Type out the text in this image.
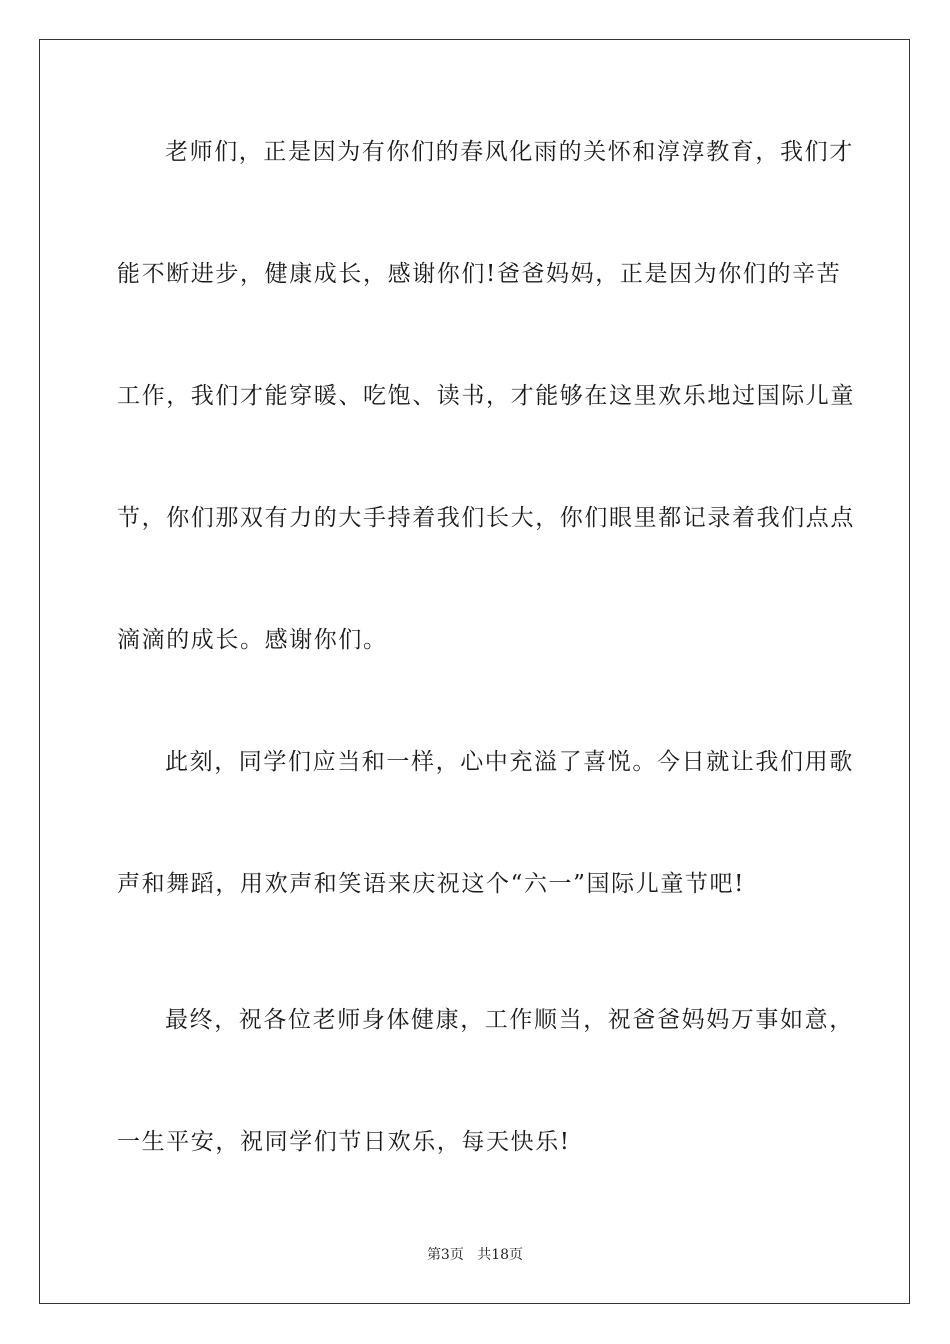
老师们，正是因为有你们的春风化雨的关怀和淳淳教育，我们才
能不断进步，健康成长，感谢你们!爸爸妈妈，正是因为你们的辛苦
工作，我们才能穿暖、吃饱、读书，才能够在这里欢乐地过国际儿童
节，你们那双有力的大手持着我们长大，你们眼里都记录着我们点点
滴滴的成长。感谢你们。
此刻，同学们应当和一样，心中充溢了喜悦。今日就让我们用歌
声和舞蹈，用欢声和笑语来庆祝这个“六一”国际儿童节吧!
最终，祝各位老师身体健康，工作顺当，祝爸爸妈妈万事如意，
一生平安，祝同学们节日欢乐，每天快乐!
第3页 共18页
